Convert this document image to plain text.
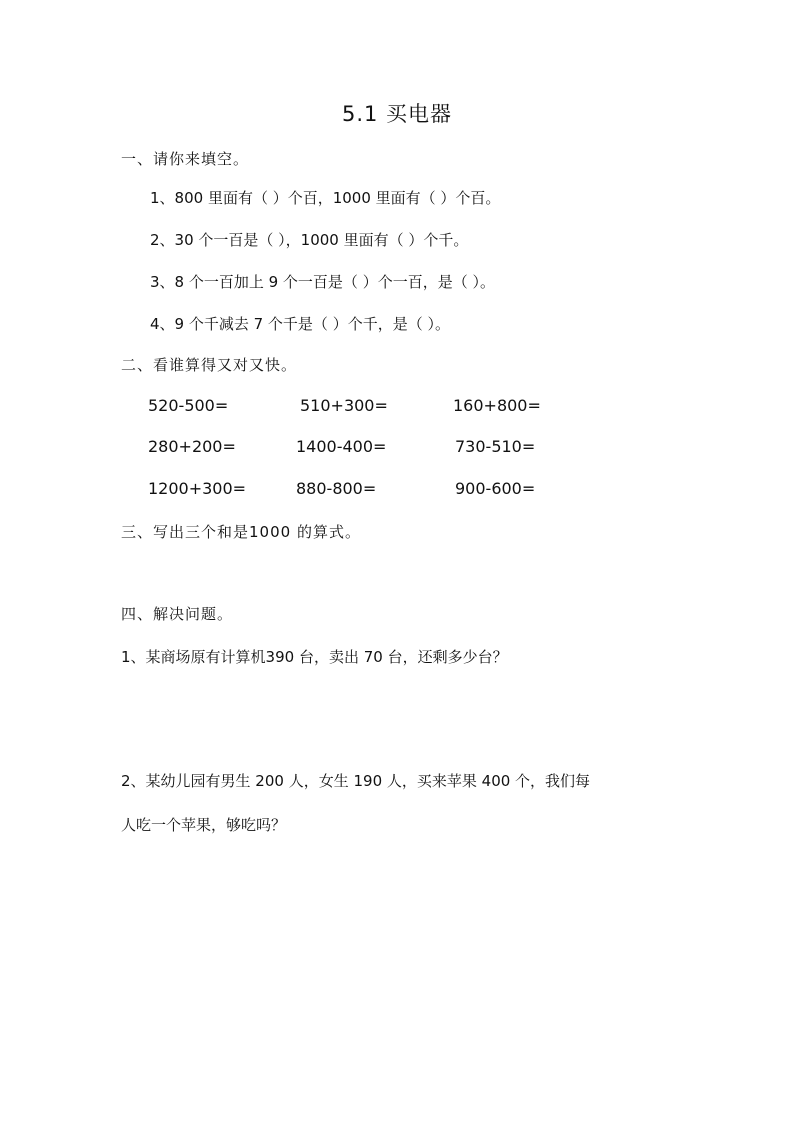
5.1 买电器
一、请你来填空。
1、800 里面有（ ）个百，1000 里面有（ ）个百。
2、30 个一百是（ ），1000 里面有（ ）个千。
3、8 个一百加上 9 个一百是（ ）个一百，是（ ）。
4、9 个千减去 7 个千是（ ）个千，是（ ）。
二、看谁算得又对又快。
520-500=	510+300=	160+800=
280+200=	1400-400=	730-510=
1200+300=	880-800=	900-600=
三、写出三个和是1000 的算式。
四、解决问题。
1、某商场原有计算机390 台，卖出 70 台，还剩多少台？
2、某幼儿园有男生 200 人，女生 190 人，买来苹果 400 个，我们每
人吃一个苹果，够吃吗？
